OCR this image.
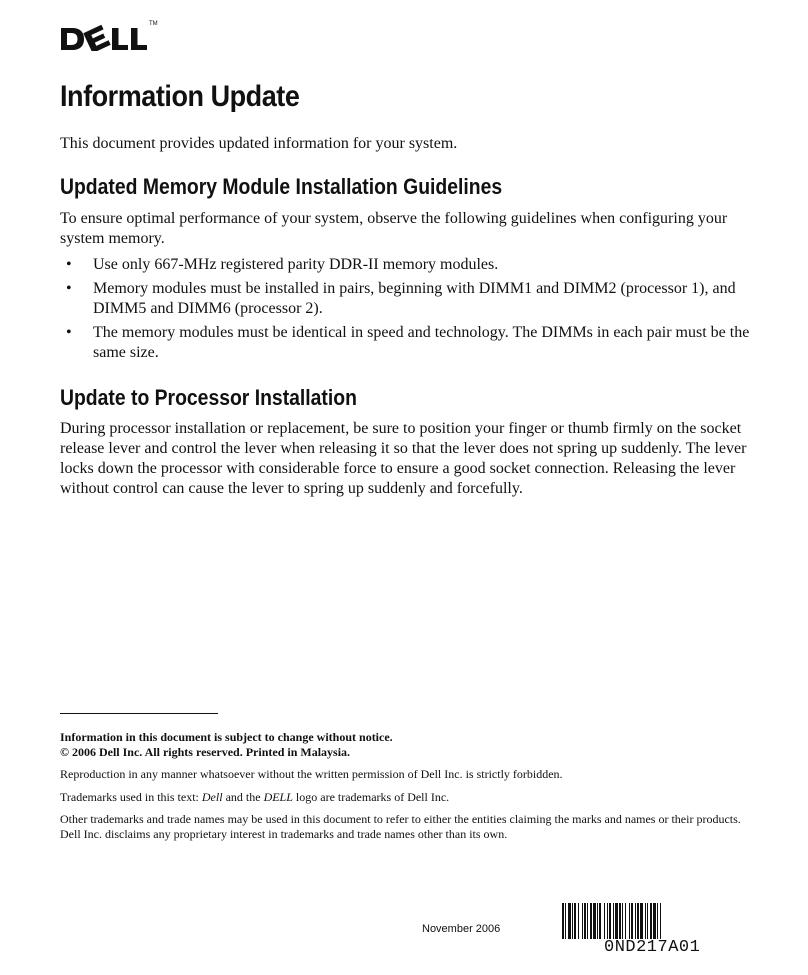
TM
Information Update

This document provides updated information for your system.

Updated Memory Module Installation Guidelines

To ensure optimal performance of your system, observe the following guidelines when configuring your system memory.

• Use only 667-MHz registered parity DDR-II memory modules.
• Memory modules must be installed in pairs, beginning with DIMM1 and DIMM2 (processor 1), and DIMM5 and DIMM6 (processor 2).
• The memory modules must be identical in speed and technology. The DIMMs in each pair must be the same size.
Update to Processor Installation

During processor installation or replacement, be sure to position your finger or thumb firmly on the socket release lever and control the lever when releasing it so that the lever does not spring up suddenly. The lever locks down the processor with considerable force to ensure a good socket connection. Releasing the lever without control can cause the lever to spring up suddenly and forcefully.

Information in this document is subject to change without notice.

© 2006 Dell Inc. All rights reserved. Printed in Malaysia.

Reproduction in any manner whatsoever without the written permission of Dell Inc. is strictly forbidden.

Trademarks used in this text: Dell and the DELL logo are trademarks of Dell Inc.

Other trademarks and trade names may be used in this document to refer to either the entities claiming the marks and names or their products. Dell Inc. disclaims any proprietary interest in trademarks and trade names other than its own.

November 2006

0ND217A01
